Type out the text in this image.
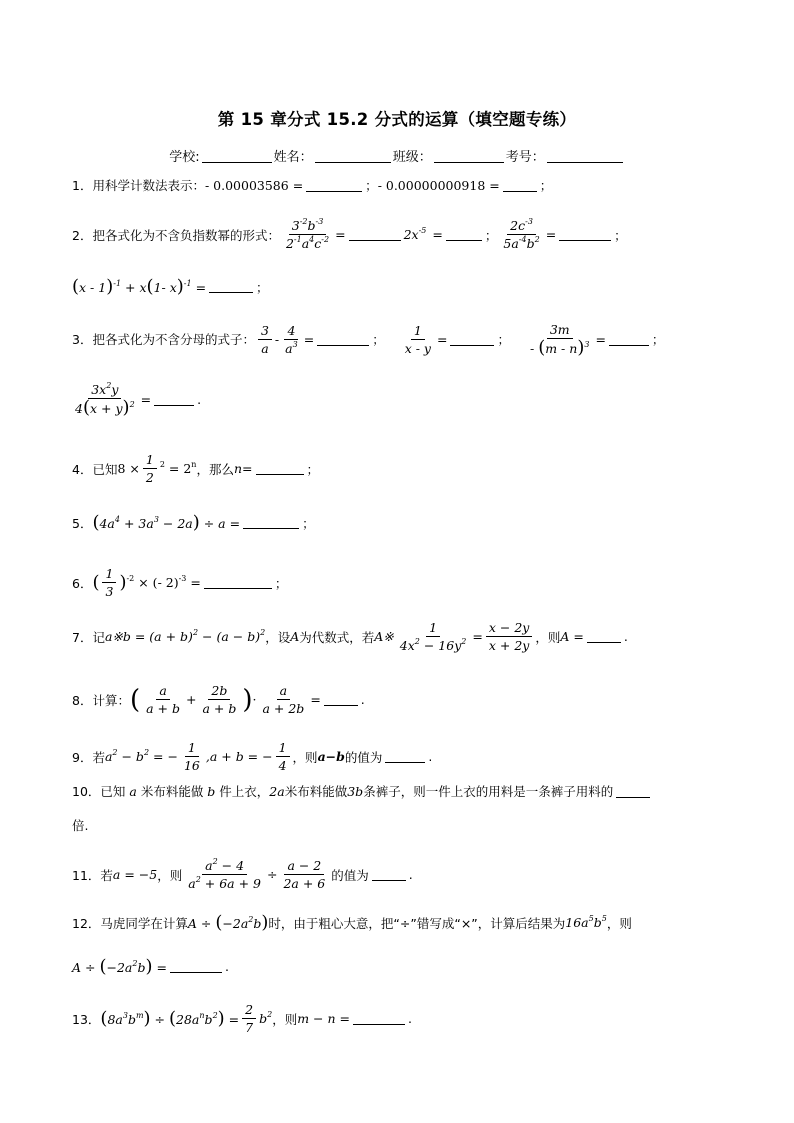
第 15 章分式 15.2 分式的运算（填空题专练）
学校:	姓名：	班级：	考号：
1．用科学计数法表示： - 0.00003586 =	； - 0.00000000918 =	；
2．把各式化为不含负指数幂的形式： $\frac{3^{-2}b^{-3}}{2^{-1}a^4c^{-2}}$ =	$2x^{-5}$ =	； $\frac{2c^{-3}}{5a^{-4}b^2}$ =	；
(x - 1)$^{-1}$ + x(1- x)$^{-1}$ =	；
3．把各式化为不含分母的式子： $\frac{3}{a} - \frac{4}{a^3}$ =	； $\frac{1}{x - y}$ =	； $\frac{3m}{- (m - n)^3}$ =	；
$\frac{3x^2y}{4(x + y)^2}$ =	.
4．已知 $8 \times \frac{1}{2} ^2 = 2^n$ ，那么 n =	；
5． $(4a^4 + 3a^3 - 2a) \div a$ =	；
6． ( $\frac{1}{3}$ ) $^{-2}$ × (- 2)$^{-3}$ =	；
7．记 a※b = $(a + b)^2 - (a - b)^2$ ，设 A 为代数式，若 A※ $\frac{1}{4x^2 - 16y^2} = \frac{x - 2y}{x + 2y}$ ，则 A =	.
8．计算： ( $\frac{a}{a + b} + \frac{2b}{a + b}$ ) · $\frac{a}{a + 2b}$ =	.
9．若 $a^2 - b^2$ = − $\frac{1}{16} ,a + b$ = − $\frac{1}{4}$ ，则 a−b 的值为	.
10．已知 a 米布料能做 b 件上衣， 2a 米布料能做 3b 条裤子，则一件上衣的用料是一条裤子用料的
倍.
11．若 a = −5 ，则 $\frac{a^2 - 4}{a^2 + 6a + 9} \div \frac{a - 2}{2a + 6}$ 的值为	.
12．马虎同学在计算 $A \div (-2a^2b)$ 时，由于粗心大意，把“÷”错写成“×”，计算后结果为 $16a^5b^5$ ，则
$A \div (-2a^2b)$ =	.
13． $(8a^3b^m) \div (28a^nb^2) = \frac{2}{7} b^2$ ，则 m − n =	.
